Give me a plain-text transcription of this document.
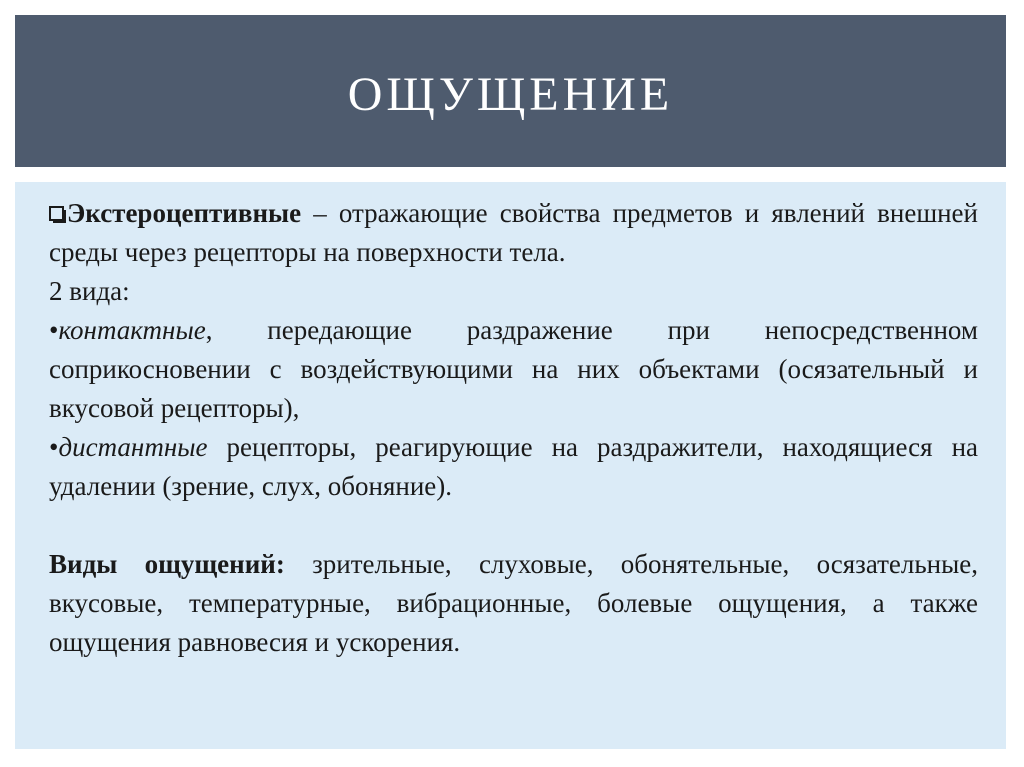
ОЩУЩЕНИЕ

Экстероцептивные – отражающие свойства предметов и явлений внешней среды через рецепторы на поверхности тела.
2 вида:

•контактные, передающие раздражение при непосредственном соприкосновении с воздействующими на них объектами (осязательный и вкусовой рецепторы),

•дистантные рецепторы, реагирующие на раздражители, находящиеся на удалении (зрение, слух, обоняние).

Виды ощущений: зрительные, слуховые, обонятельные, осязательные, вкусовые, температурные, вибрационные, болевые ощущения, а также ощущения равновесия и ускорения.
